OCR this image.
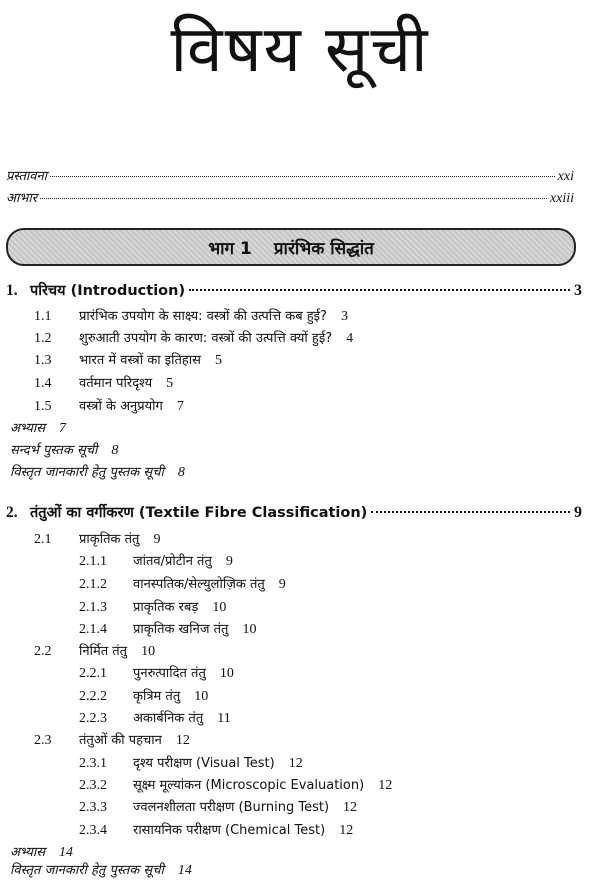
विषय सूची
प्रस्तावना	xxi
आभार	xxiii
भाग 1 प्रारंभिक सिद्धांत
1. परिचय (Introduction)	3
1.1 प्रारंभिक उपयोग के साक्ष्य: वस्त्रों की उत्पत्ति कब हुई? 3
1.2 शुरुआती उपयोग के कारण: वस्त्रों की उत्पत्ति क्यों हुई? 4
1.3 भारत में वस्त्रों का इतिहास 5
1.4 वर्तमान परिदृश्य 5
1.5 वस्त्रों के अनुप्रयोग 7
अभ्यास 7
सन्दर्भ पुस्तक सूची 8
विस्तृत जानकारी हेतु पुस्तक सूची 8
2. तंतुओं का वर्गीकरण (Textile Fibre Classification)	9
2.1 प्राकृतिक तंतु 9
2.1.1 जांतव/प्रोटीन तंतु 9
2.1.2 वानस्पतिक/सेल्युलोज़िक तंतु 9
2.1.3 प्राकृतिक रबड़ 10
2.1.4 प्राकृतिक खनिज तंतु 10
2.2 निर्मित तंतु 10
2.2.1 पुनरुत्पादित तंतु 10
2.2.2 कृत्रिम तंतु 10
2.2.3 अकार्बनिक तंतु 11
2.3 तंतुओं की पहचान 12
2.3.1 दृश्य परीक्षण (Visual Test) 12
2.3.2 सूक्ष्म मूल्यांकन (Microscopic Evaluation) 12
2.3.3 ज्वलनशीलता परीक्षण (Burning Test) 12
2.3.4 रासायनिक परीक्षण (Chemical Test) 12
अभ्यास 14
विस्तृत जानकारी हेतु पुस्तक सूची 14
